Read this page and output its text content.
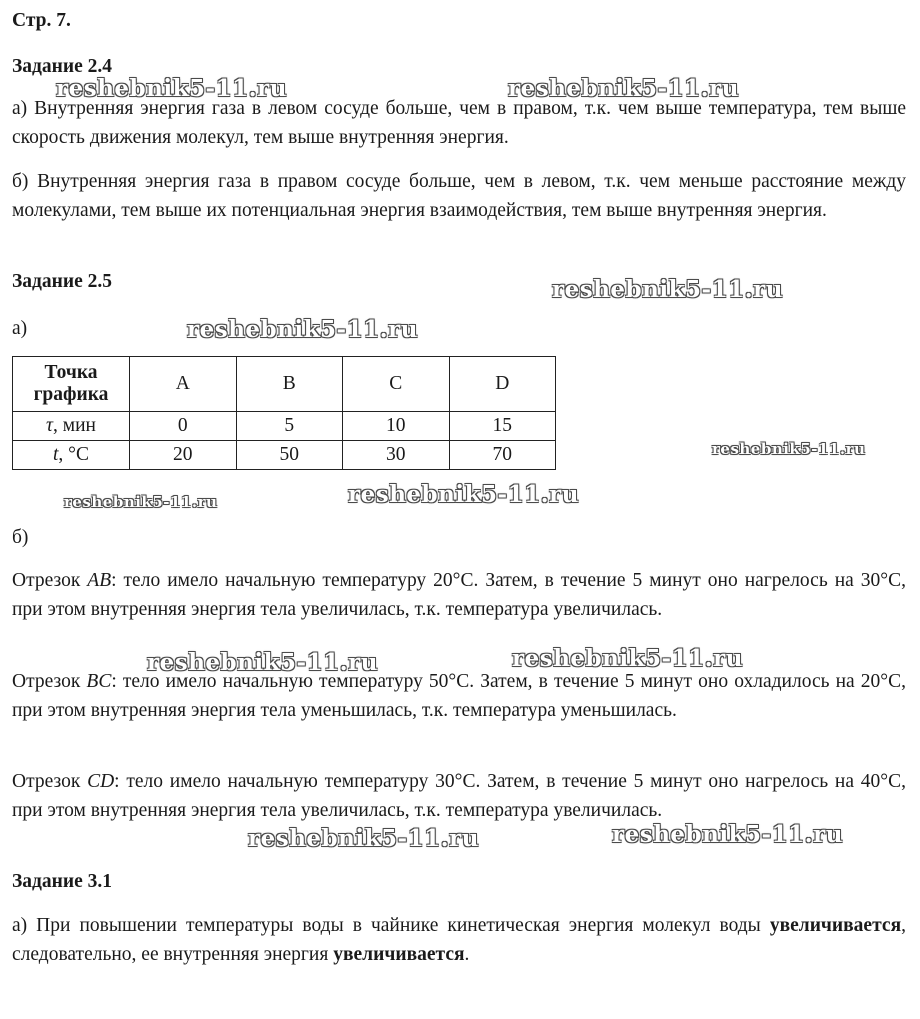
Стр. 7.
Задание 2.4

а) Внутренняя энергия газа в левом сосуде больше, чем в правом, т.к. чем выше температура, тем выше скорость движения молекул, тем выше внутренняя энергия.

б) Внутренняя энергия газа в правом сосуде больше, чем в левом, т.к. чем меньше расстояние между молекулами, тем выше их потенциальная энергия взаимодействия, тем выше внутренняя энергия.

Задание 2.5
а)
Точка графика	A	B	C	D
τ, мин	0	5	10	15
t, °C	20	50	30	70
б)

Отрезок AB: тело имело начальную температуру 20°C. Затем, в течение 5 минут оно нагрелось на 30°C, при этом внутренняя энергия тела увеличилась, т.к. температура увеличилась.

Отрезок BC: тело имело начальную температуру 50°C. Затем, в течение 5 минут оно охладилось на 20°C, при этом внутренняя энергия тела уменьшилась, т.к. температура уменьшилась.

Отрезок CD: тело имело начальную температуру 30°C. Затем, в течение 5 минут оно нагрелось на 40°C, при этом внутренняя энергия тела увеличилась, т.к. температура увеличилась.

Задание 3.1

а) При повышении температуры воды в чайнике кинетическая энергия молекул воды увеличивается, следовательно, ее внутренняя энергия увеличивается.

reshebnik5-11.ru	reshebnik5-11.ru
reshebnik5-11.ru
reshebnik5-11.ru
reshebnik5-11.ru
reshebnik5-11.ru	reshebnik5-11.ru
reshebnik5-11.ru	reshebnik5-11.ru
reshebnik5-11.ru	reshebnik5-11.ru
